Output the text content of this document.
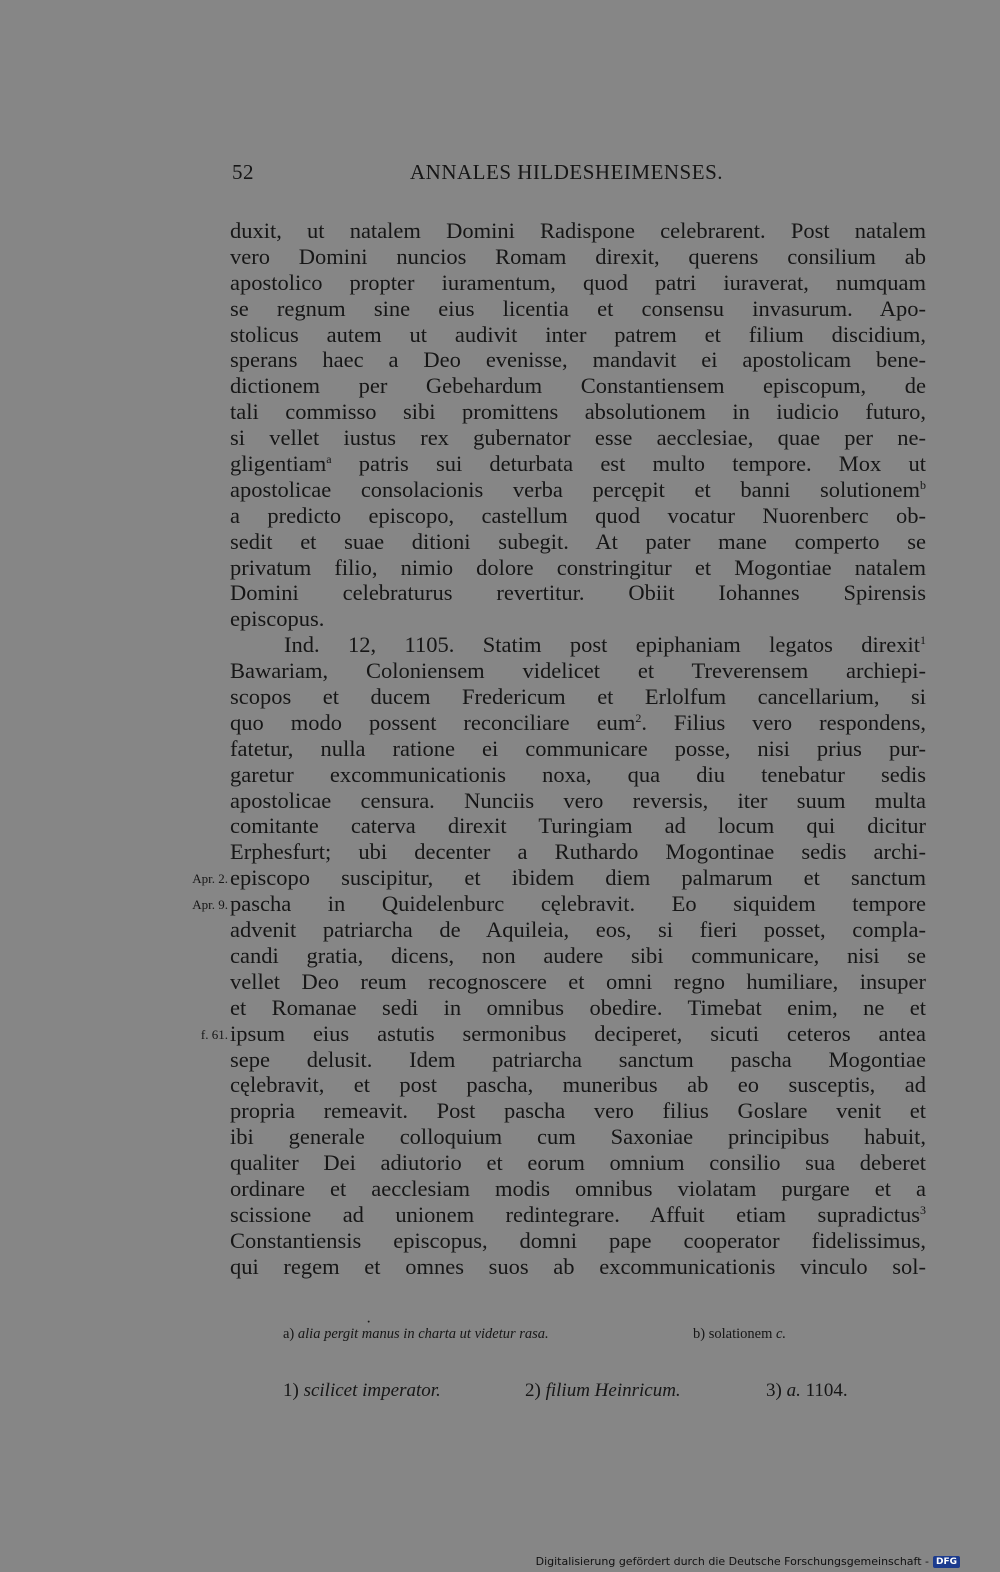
52	ANNALES HILDESHEIMENSES.
duxit, ut natalem Domini Radispone celebrarent. Post natalem
vero Domini nuncios Romam direxit, querens consilium ab
apostolico propter iuramentum, quod patri iuraverat, numquam
se regnum sine eius licentia et consensu invasurum. Apo-
stolicus autem ut audivit inter patrem et filium discidium,
sperans haec a Deo evenisse, mandavit ei apostolicam bene-
dictionem per Gebehardum Constantiensem episcopum, de
tali commisso sibi promittens absolutionem in iudicio futuro,
si vellet iustus rex gubernator esse aecclesiae, quae per ne-
gligentiam$^a$ patris sui deturbata est multo tempore. Mox ut
apostolicae consolacionis verba percępit et banni solutionem$^b$
a predicto episcopo, castellum quod vocatur Nuorenberc ob-
sedit et suae ditioni subegit. At pater mane comperto se
privatum filio, nimio dolore constringitur et Mogontiae natalem
Domini celebraturus revertitur. Obiit Iohannes Spirensis
episcopus.
Ind. 12, 1105. Statim post epiphaniam legatos direxit$^1$
Bawariam, Coloniensem videlicet et Treverensem archiepi-
scopos et ducem Fredericum et Erlolfum cancellarium, si
quo modo possent reconciliare eum$^2$. Filius vero respondens,
fatetur, nulla ratione ei communicare posse, nisi prius pur-
garetur excommunicationis noxa, qua diu tenebatur sedis
apostolicae censura. Nunciis vero reversis, iter suum multa
comitante caterva direxit Turingiam ad locum qui dicitur
Erphesfurt; ubi decenter a Ruthardo Mogontinae sedis archi-
Apr. 2. episcopo suscipitur, et ibidem diem palmarum et sanctum
Apr. 9. pascha in Quidelenburc cęlebravit. Eo siquidem tempore
advenit patriarcha de Aquileia, eos, si fieri posset, compla-
candi gratia, dicens, non audere sibi communicare, nisi se
vellet Deo reum recognoscere et omni regno humiliare, insuper
et Romanae sedi in omnibus obedire. Timebat enim, ne et
f. 61. ipsum eius astutis sermonibus deciperet, sicuti ceteros antea
sepe delusit. Idem patriarcha sanctum pascha Mogontiae
cęlebravit, et post pascha, muneribus ab eo susceptis, ad
propria remeavit. Post pascha vero filius Goslare venit et
ibi generale colloquium cum Saxoniae principibus habuit,
qualiter Dei adiutorio et eorum omnium consilio sua deberet
ordinare et aecclesiam modis omnibus violatam purgare et a
scissione ad unionem redintegrare. Affuit etiam supradictus$^3$
Constantiensis episcopus, domni pape cooperator fidelissimus,
qui regem et omnes suos ab excommunicationis vinculo sol-
·
a) alia pergit manus in charta ut videtur rasa.	b) solationem c.
1) scilicet imperator.	2) filium Heinricum.	3) a. 1104.
Digitalisierung gefördert durch die Deutsche Forschungsgemeinschaft - DFG
